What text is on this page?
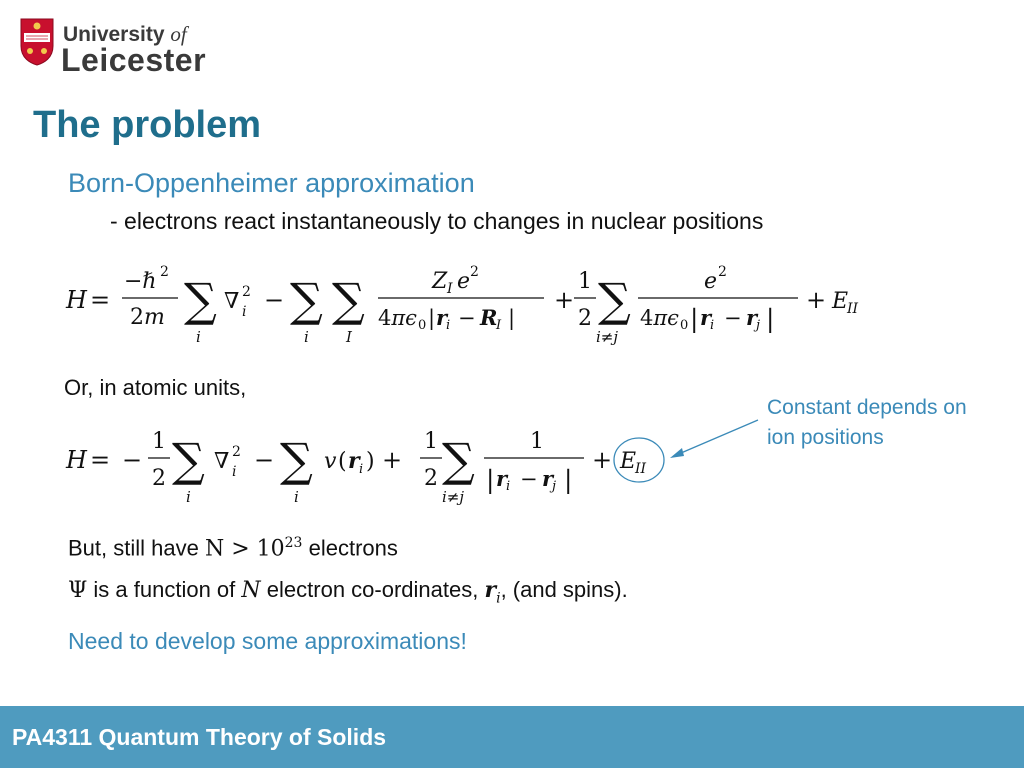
University of
Leicester
The problem
Born-Oppenheimer approximation
- electrons react instantaneously to changes in nuclear positions
H =
−ℏ 2
2m ∑
i
∇ 2
i − ∑
i
∑
I
Z I e 2
4πϵ 0 | r
i − R
I |
+
1
2 ∑
i≠j
e 2
4πϵ 0 | r
i − r
j |
+ E
II
Or, in atomic units,
H = −
1
2 ∑
i
∇ 2
i − ∑
i
v ( r i ) +
1
2 ∑
i≠j
1
| r
i − r
j |
+ E
II
Constant depends on
ion positions
But, still have $N > 10^{23}$ electrons
Ψ is a function of N electron co-ordinates, $r_i$, (and spins).
Need to develop some approximations!
PA4311 Quantum Theory of Solids
